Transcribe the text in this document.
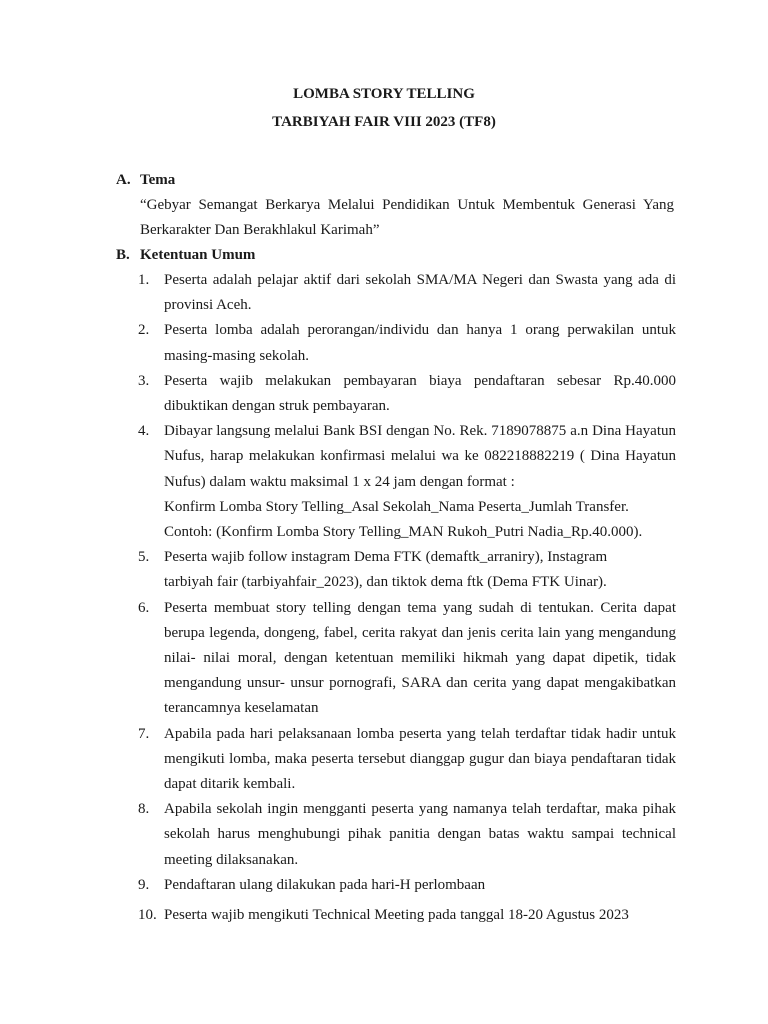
LOMBA STORY TELLING
TARBIYAH FAIR VIII 2023 (TF8)
A. Tema
“Gebyar Semangat Berkarya Melalui Pendidikan Untuk Membentuk Generasi Yang Berkarakter Dan Berakhlakul Karimah”
B. Ketentuan Umum
1. Peserta adalah pelajar aktif dari sekolah SMA/MA Negeri dan Swasta yang ada di provinsi Aceh.
2. Peserta lomba adalah perorangan/individu dan hanya 1 orang perwakilan untuk masing-masing sekolah.
3. Peserta wajib melakukan pembayaran biaya pendaftaran sebesar Rp.40.000 dibuktikan dengan struk pembayaran.
4. Dibayar langsung melalui Bank BSI dengan No. Rek. 7189078875 a.n Dina Hayatun Nufus, harap melakukan konfirmasi melalui wa ke 082218882219 ( Dina Hayatun Nufus) dalam waktu maksimal 1 x 24 jam dengan format :
Konfirm Lomba Story Telling_Asal Sekolah_Nama Peserta_Jumlah Transfer.
Contoh: (Konfirm Lomba Story Telling_MAN Rukoh_Putri Nadia_Rp.40.000).
5. Peserta wajib follow instagram Dema FTK (demaftk_arraniry), Instagram
tarbiyah fair (tarbiyahfair_2023), dan tiktok dema ftk (Dema FTK Uinar).
6. Peserta membuat story telling dengan tema yang sudah di tentukan. Cerita dapat berupa legenda, dongeng, fabel, cerita rakyat dan jenis cerita lain yang mengandung nilai- nilai moral, dengan ketentuan memiliki hikmah yang dapat dipetik, tidak mengandung unsur- unsur pornografi, SARA dan cerita yang dapat mengakibatkan terancamnya keselamatan
7. Apabila pada hari pelaksanaan lomba peserta yang telah terdaftar tidak hadir untuk mengikuti lomba, maka peserta tersebut dianggap gugur dan biaya pendaftaran tidak dapat ditarik kembali.
8. Apabila sekolah ingin mengganti peserta yang namanya telah terdaftar, maka pihak sekolah harus menghubungi pihak panitia dengan batas waktu sampai technical meeting dilaksanakan.
9. Pendaftaran ulang dilakukan pada hari-H perlombaan
10. Peserta wajib mengikuti Technical Meeting pada tanggal 18-20 Agustus 2023
